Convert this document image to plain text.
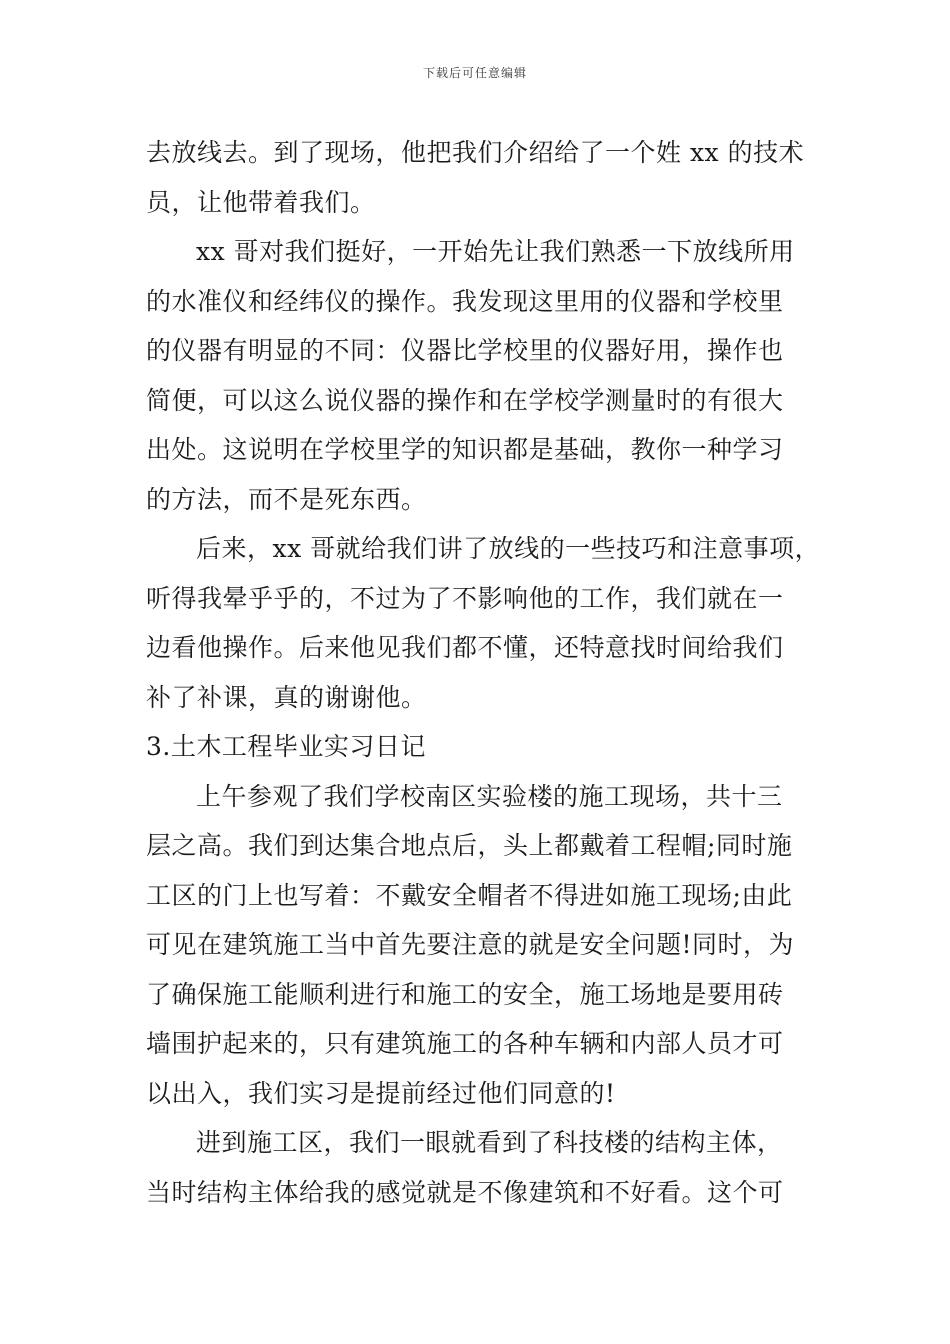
下载后可任意编辑
去放线去。到了现场，他把我们介绍给了一个姓 xx 的技术
员，让他带着我们。
xx 哥对我们挺好，一开始先让我们熟悉一下放线所用
的水准仪和经纬仪的操作。我发现这里用的仪器和学校里
的仪器有明显的不同：仪器比学校里的仪器好用，操作也
简便，可以这么说仪器的操作和在学校学测量时的有很大
出处。这说明在学校里学的知识都是基础，教你一种学习
的方法，而不是死东西。
后来，xx 哥就给我们讲了放线的一些技巧和注意事项，
听得我晕乎乎的，不过为了不影响他的工作，我们就在一
边看他操作。后来他见我们都不懂，还特意找时间给我们
补了补课，真的谢谢他。
3.土木工程毕业实习日记
上午参观了我们学校南区实验楼的施工现场，共十三
层之高。我们到达集合地点后，头上都戴着工程帽;同时施
工区的门上也写着：不戴安全帽者不得进如施工现场;由此
可见在建筑施工当中首先要注意的就是安全问题!同时，为
了确保施工能顺利进行和施工的安全，施工场地是要用砖
墙围护起来的，只有建筑施工的各种车辆和内部人员才可
以出入，我们实习是提前经过他们同意的!
进到施工区，我们一眼就看到了科技楼的结构主体，
当时结构主体给我的感觉就是不像建筑和不好看。这个可
